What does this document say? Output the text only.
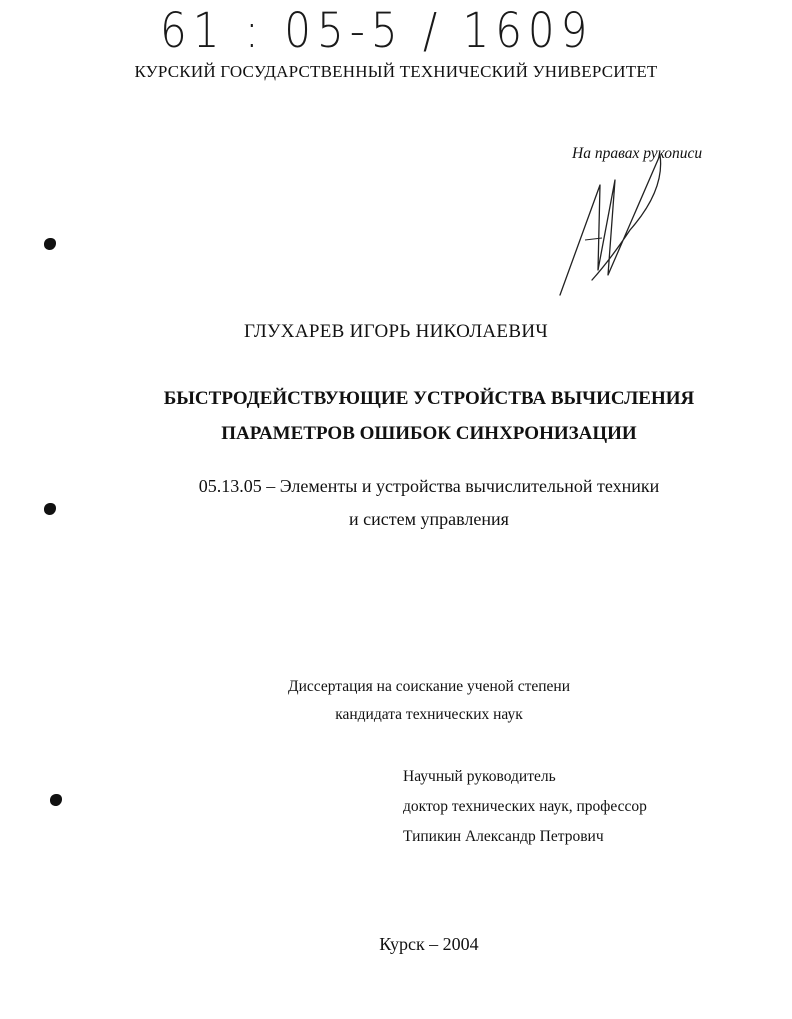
61 : 05-5 / 1609
КУРСКИЙ ГОСУДАРСТВЕННЫЙ ТЕХНИЧЕСКИЙ УНИВЕРСИТЕТ
На правах рукописи
ГЛУХАРЕВ ИГОРЬ НИКОЛАЕВИЧ
БЫСТРОДЕЙСТВУЮЩИЕ УСТРОЙСТВА ВЫЧИСЛЕНИЯ
ПАРАМЕТРОВ ОШИБОК СИНХРОНИЗАЦИИ
05.13.05 – Элементы и устройства вычислительной техники
и систем управления
Диссертация на соискание ученой степени
кандидата технических наук
Научный руководитель
доктор технических наук, профессор
Типикин Александр Петрович
Курск – 2004
